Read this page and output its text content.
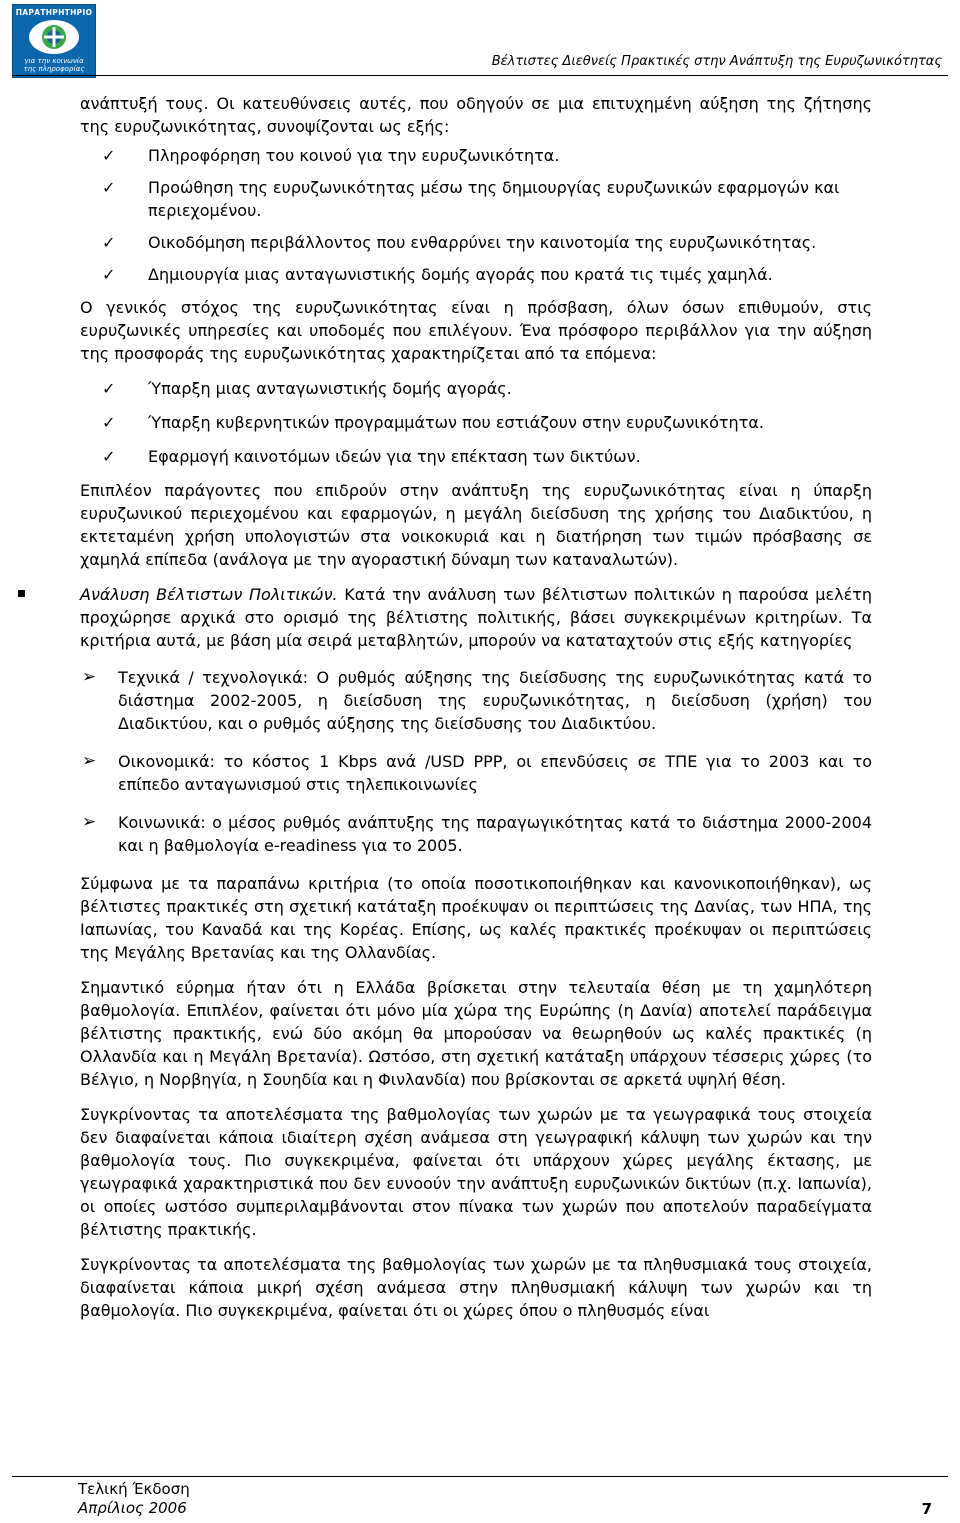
ΠΑΡΑΤΗΡΗΤΗΡΙΟ
για την κοινωνία
της πληροφορίας	Βέλτιστες Διεθνείς Πρακτικές στην Ανάπτυξη της Ευρυζωνικότητας

ανάπτυξή τους. Οι κατευθύνσεις αυτές, που οδηγούν σε μια επιτυχημένη αύξηση της ζήτησης της ευρυζωνικότητας, συνοψίζονται ως εξής:

✓ Πληροφόρηση του κοινού για την ευρυζωνικότητα.
✓ Προώθηση της ευρυζωνικότητας μέσω της δημιουργίας ευρυζωνικών εφαρμογών και περιεχομένου.
✓ Οικοδόμηση περιβάλλοντος που ενθαρρύνει την καινοτομία της ευρυζωνικότητας.
✓ Δημιουργία μιας ανταγωνιστικής δομής αγοράς που κρατά τις τιμές χαμηλά.

Ο γενικός στόχος της ευρυζωνικότητας είναι η πρόσβαση, όλων όσων επιθυμούν, στις ευρυζωνικές υπηρεσίες και υποδομές που επιλέγουν. Ένα πρόσφορο περιβάλλον για την αύξηση της προσφοράς της ευρυζωνικότητας χαρακτηρίζεται από τα επόμενα:

✓ Ύπαρξη μιας ανταγωνιστικής δομής αγοράς.
✓ Ύπαρξη κυβερνητικών προγραμμάτων που εστιάζουν στην ευρυζωνικότητα.
✓ Εφαρμογή καινοτόμων ιδεών για την επέκταση των δικτύων.

Επιπλέον παράγοντες που επιδρούν στην ανάπτυξη της ευρυζωνικότητας είναι η ύπαρξη ευρυζωνικού περιεχομένου και εφαρμογών, η μεγάλη διείσδυση της χρήσης του Διαδικτύου, η εκτεταμένη χρήση υπολογιστών στα νοικοκυριά και η διατήρηση των τιμών πρόσβασης σε χαμηλά επίπεδα (ανάλογα με την αγοραστική δύναμη των καταναλωτών).

Ανάλυση Βέλτιστων Πολιτικών. Κατά την ανάλυση των βέλτιστων πολιτικών η παρούσα μελέτη προχώρησε αρχικά στο ορισμό της βέλτιστης πολιτικής, βάσει συγκεκριμένων κριτηρίων. Τα κριτήρια αυτά, με βάση μία σειρά μεταβλητών, μπορούν να καταταχτούν στις εξής κατηγορίες

➢ Τεχνικά / τεχνολογικά: Ο ρυθμός αύξησης της διείσδυσης της ευρυζωνικότητας κατά το διάστημα 2002-2005, η διείσδυση της ευρυζωνικότητας, η διείσδυση (χρήση) του Διαδικτύου, και ο ρυθμός αύξησης της διείσδυσης του Διαδικτύου.
➢ Οικονομικά: το κόστος 1 Kbps ανά /USD PPP, οι επενδύσεις σε ΤΠΕ για το 2003 και το επίπεδο ανταγωνισμού στις τηλεπικοινωνίες
➢ Κοινωνικά: ο μέσος ρυθμός ανάπτυξης της παραγωγικότητας κατά το διάστημα 2000-2004 και η βαθμολογία e-readiness για το 2005.

Σύμφωνα με τα παραπάνω κριτήρια (το οποία ποσοτικοποιήθηκαν και κανονικοποιήθηκαν), ως βέλτιστες πρακτικές στη σχετική κατάταξη προέκυψαν οι περιπτώσεις της Δανίας, των ΗΠΑ, της Ιαπωνίας, του Καναδά και της Κορέας. Επίσης, ως καλές πρακτικές προέκυψαν οι περιπτώσεις της Μεγάλης Βρετανίας και της Ολλανδίας.

Σημαντικό εύρημα ήταν ότι η Ελλάδα βρίσκεται στην τελευταία θέση με τη χαμηλότερη βαθμολογία. Επιπλέον, φαίνεται ότι μόνο μία χώρα της Ευρώπης (η Δανία) αποτελεί παράδειγμα βέλτιστης πρακτικής, ενώ δύο ακόμη θα μπορούσαν να θεωρηθούν ως καλές πρακτικές (η Ολλανδία και η Μεγάλη Βρετανία). Ωστόσο, στη σχετική κατάταξη υπάρχουν τέσσερις χώρες (το Βέλγιο, η Νορβηγία, η Σουηδία και η Φινλανδία) που βρίσκονται σε αρκετά υψηλή θέση.

Συγκρίνοντας τα αποτελέσματα της βαθμολογίας των χωρών με τα γεωγραφικά τους στοιχεία δεν διαφαίνεται κάποια ιδιαίτερη σχέση ανάμεσα στη γεωγραφική κάλυψη των χωρών και την βαθμολογία τους. Πιο συγκεκριμένα, φαίνεται ότι υπάρχουν χώρες μεγάλης έκτασης, με γεωγραφικά χαρακτηριστικά που δεν ευνοούν την ανάπτυξη ευρυζωνικών δικτύων (π.χ. Ιαπωνία), οι οποίες ωστόσο συμπεριλαμβάνονται στον πίνακα των χωρών που αποτελούν παραδείγματα βέλτιστης πρακτικής.

Συγκρίνοντας τα αποτελέσματα της βαθμολογίας των χωρών με τα πληθυσμιακά τους στοιχεία, διαφαίνεται κάποια μικρή σχέση ανάμεσα στην πληθυσμιακή κάλυψη των χωρών και τη βαθμολογία. Πιο συγκεκριμένα, φαίνεται ότι οι χώρες όπου ο πληθυσμός είναι

Τελική Έκδοση
Απρίλιος 2006	7
